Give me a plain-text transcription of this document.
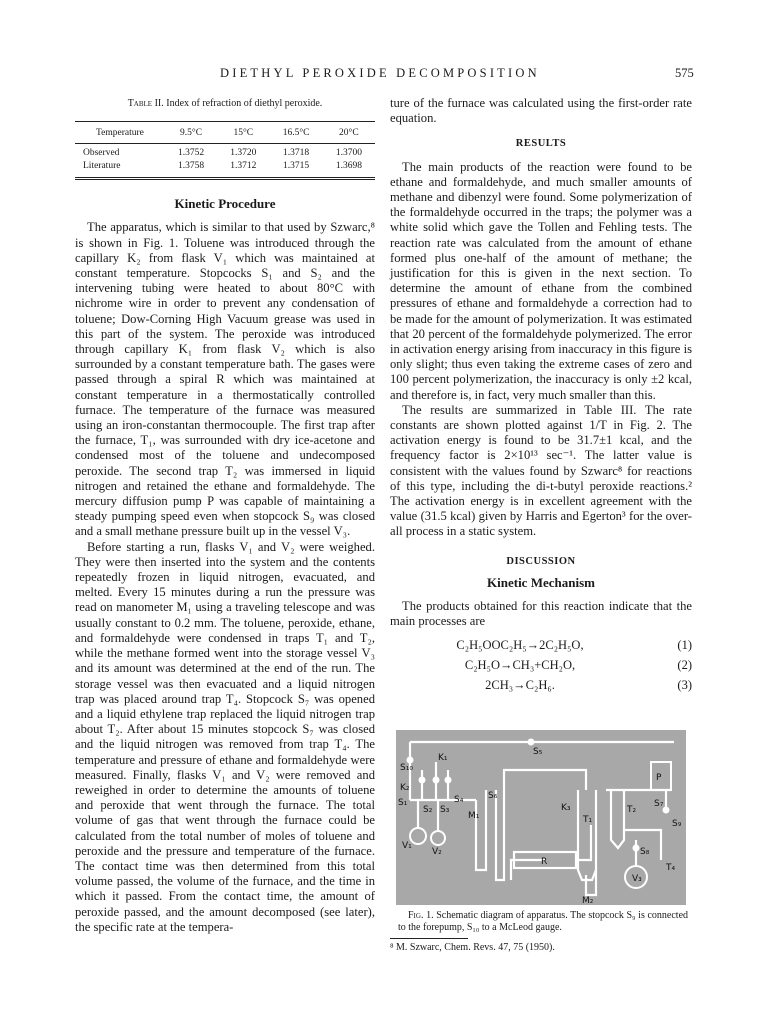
DIETHYL PEROXIDE DECOMPOSITION	575
Table II. Index of refraction of diethyl peroxide.
Temperature	9.5°C	15°C	16.5°C	20°C
Observed	1.3752	1.3720	1.3718	1.3700
Literature	1.3758	1.3712	1.3715	1.3698
Kinetic Procedure

The apparatus, which is similar to that used by Szwarc,⁸ is shown in Fig. 1. Toluene was introduced through the capillary K₂ from flask V₁ which was maintained at constant temperature. Stopcocks S₁ and S₂ and the intervening tubing were heated to about 80°C with nichrome wire in order to prevent any condensation of toluene; Dow-Corning High Vacuum grease was used in this part of the system. The peroxide was introduced through capillary K₁ from flask V₂ which is also surrounded by a constant temperature bath. The gases were passed through a spiral R which was maintained at constant temperature in a thermostatically controlled furnace. The temperature of the furnace was measured using an iron-constantan thermocouple. The first trap after the furnace, T₁, was surrounded with dry ice-acetone and condensed most of the toluene and undecomposed peroxide. The second trap T₂ was immersed in liquid nitrogen and retained the ethane and formaldehyde. The mercury diffusion pump P was capable of maintaining a steady pumping speed even when stopcock S₉ was closed and a small methane pressure built up in the vessel V₃.

Before starting a run, flasks V₁ and V₂ were weighed. They were then inserted into the system and the contents repeatedly frozen in liquid nitrogen, evacuated, and melted. Every 15 minutes during a run the pressure was read on manometer M₁ using a traveling telescope and was usually constant to 0.2 mm. The toluene, peroxide, ethane, and formaldehyde were condensed in traps T₁ and T₂, while the methane formed went into the storage vessel V₃ and its amount was determined at the end of the run. The storage vessel was then evacuated and a liquid nitrogen trap was placed around trap T₄. Stopcock S₇ was opened and a liquid ethylene trap replaced the liquid nitrogen trap about T₂. After about 15 minutes stopcock S₇ was closed and the liquid nitrogen was removed from trap T₄. The temperature and pressure of ethane and formaldehyde were measured. Finally, flasks V₁ and V₂ were removed and reweighed in order to determine the amounts of toluene and peroxide that went through the furnace. The total volume of gas that went through the furnace could be calculated from the total number of moles of toluene and peroxide and the pressure and temperature of the furnace. The contact time was then determined from this total volume passed, the volume of the furnace, and the time in which it passed. From the contact time, the amount of peroxide passed, and the amount decomposed (see later), the specific rate at the tempera-

ture of the furnace was calculated using the first-order rate equation.

RESULTS

The main products of the reaction were found to be ethane and formaldehyde, and much smaller amounts of methane and dibenzyl were found. Some polymerization of the formaldehyde occurred in the traps; the polymer was a white solid which gave the Tollen and Fehling tests. The reaction rate was calculated from the amount of ethane formed plus one-half of the amount of methane; the justification for this is given in the next section. To determine the amount of ethane from the combined pressures of ethane and formaldehyde a correction had to be made for the amount of polymerization. It was estimated that 20 percent of the formaldehyde polymerized. The error in activation energy arising from inaccuracy in this figure is only slight; thus even taking the extreme cases of zero and 100 percent polymerization, the inaccuracy is only ±2 kcal, and therefore is, in fact, very much smaller than this.

The results are summarized in Table III. The rate constants are shown plotted against 1/T in Fig. 2. The activation energy is found to be 31.7±1 kcal, and the frequency factor is 2×10¹³ sec⁻¹. The latter value is consistent with the values found by Szwarc⁸ for reactions of this type, including the di-t-butyl peroxide reactions.² The activation energy is in excellent agreement with the value (31.5 kcal) given by Harris and Egerton³ for the over-all process in a static system.

DISCUSSION
Kinetic Mechanism

The products obtained for this reaction indicate that the main processes are

C₂H₅OOC₂H₅→2C₂H₅O,	(1)
C₂H₅O→CH₃+CH₂O,	(2)
2CH₃→C₂H₆.	(3)
S₅
S₁₀
K₁
K₂
S₁
S₂ S₃
S₄	S₆
M₁
V₁
V₂
K₃
T₁
T₂
P
S₇
S₉
R
S₈
T₄
V₃
M₂
Fig. 1. Schematic diagram of apparatus. The stopcock S₉ is connected to the forepump, S₁₀ to a McLeod gauge.
⁸ M. Szwarc, Chem. Revs. 47, 75 (1950).
